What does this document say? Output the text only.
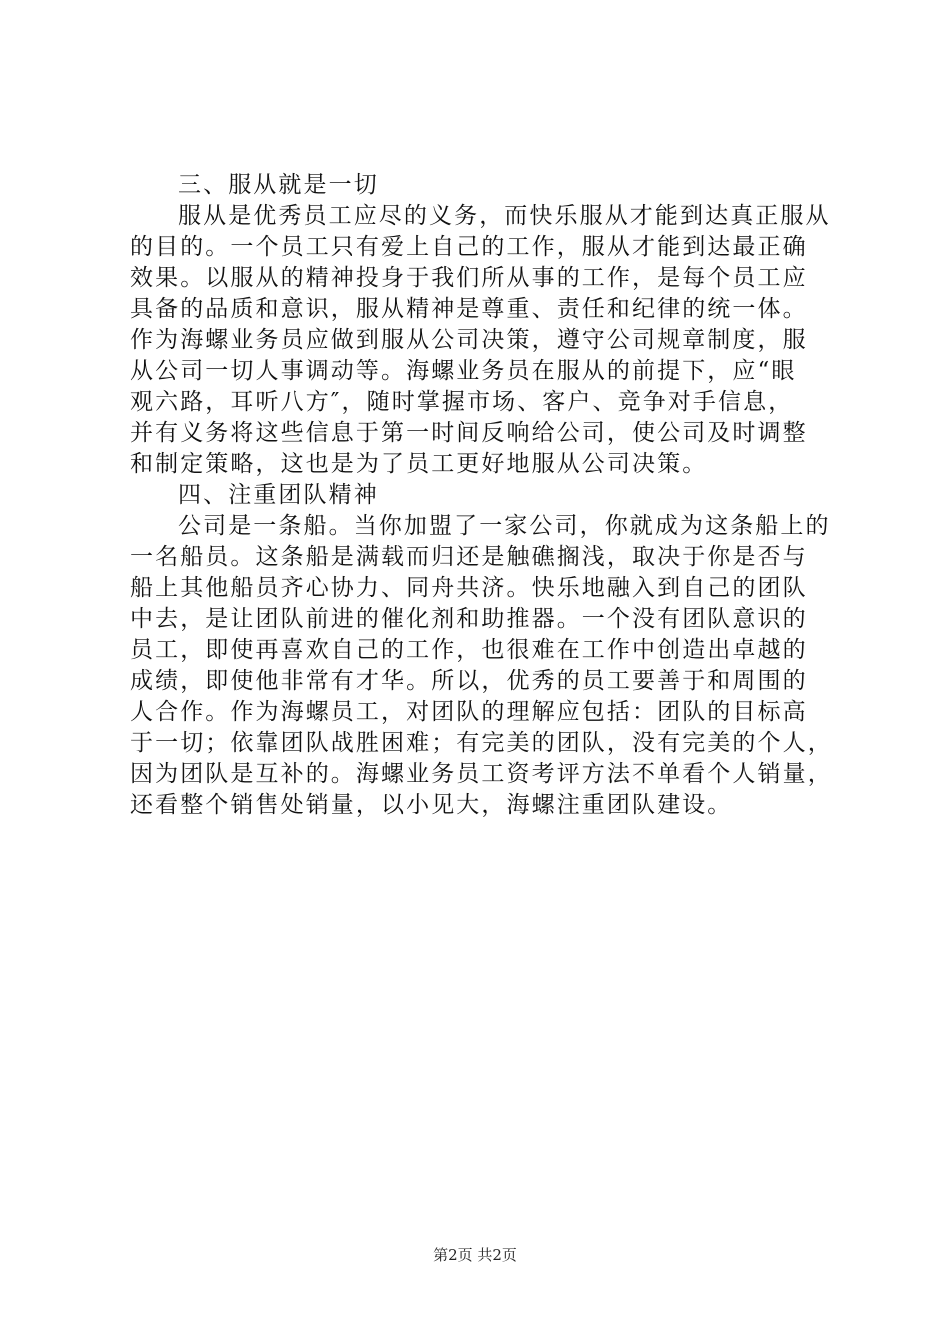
三、服从就是一切
服从是优秀员工应尽的义务，而快乐服从才能到达真正服从
的目的。一个员工只有爱上自己的工作，服从才能到达最正确
效果。以服从的精神投身于我们所从事的工作，是每个员工应
具备的品质和意识，服从精神是尊重、责任和纪律的统一体。
作为海螺业务员应做到服从公司决策，遵守公司规章制度，服
从公司一切人事调动等。海螺业务员在服从的前提下，应“眼
观六路，耳听八方″，随时掌握市场、客户、竞争对手信息，
并有义务将这些信息于第一时间反响给公司，使公司及时调整
和制定策略，这也是为了员工更好地服从公司决策。
四、注重团队精神
公司是一条船。当你加盟了一家公司，你就成为这条船上的
一名船员。这条船是满载而归还是触礁搁浅，取决于你是否与
船上其他船员齐心协力、同舟共济。快乐地融入到自己的团队
中去，是让团队前进的催化剂和助推器。一个没有团队意识的
员工，即使再喜欢自己的工作，也很难在工作中创造出卓越的
成绩，即使他非常有才华。所以，优秀的员工要善于和周围的
人合作。作为海螺员工，对团队的理解应包括：团队的目标高
于一切；依靠团队战胜困难；有完美的团队，没有完美的个人，
因为团队是互补的。海螺业务员工资考评方法不单看个人销量，
还看整个销售处销量，以小见大，海螺注重团队建设。
第2页 共2页
